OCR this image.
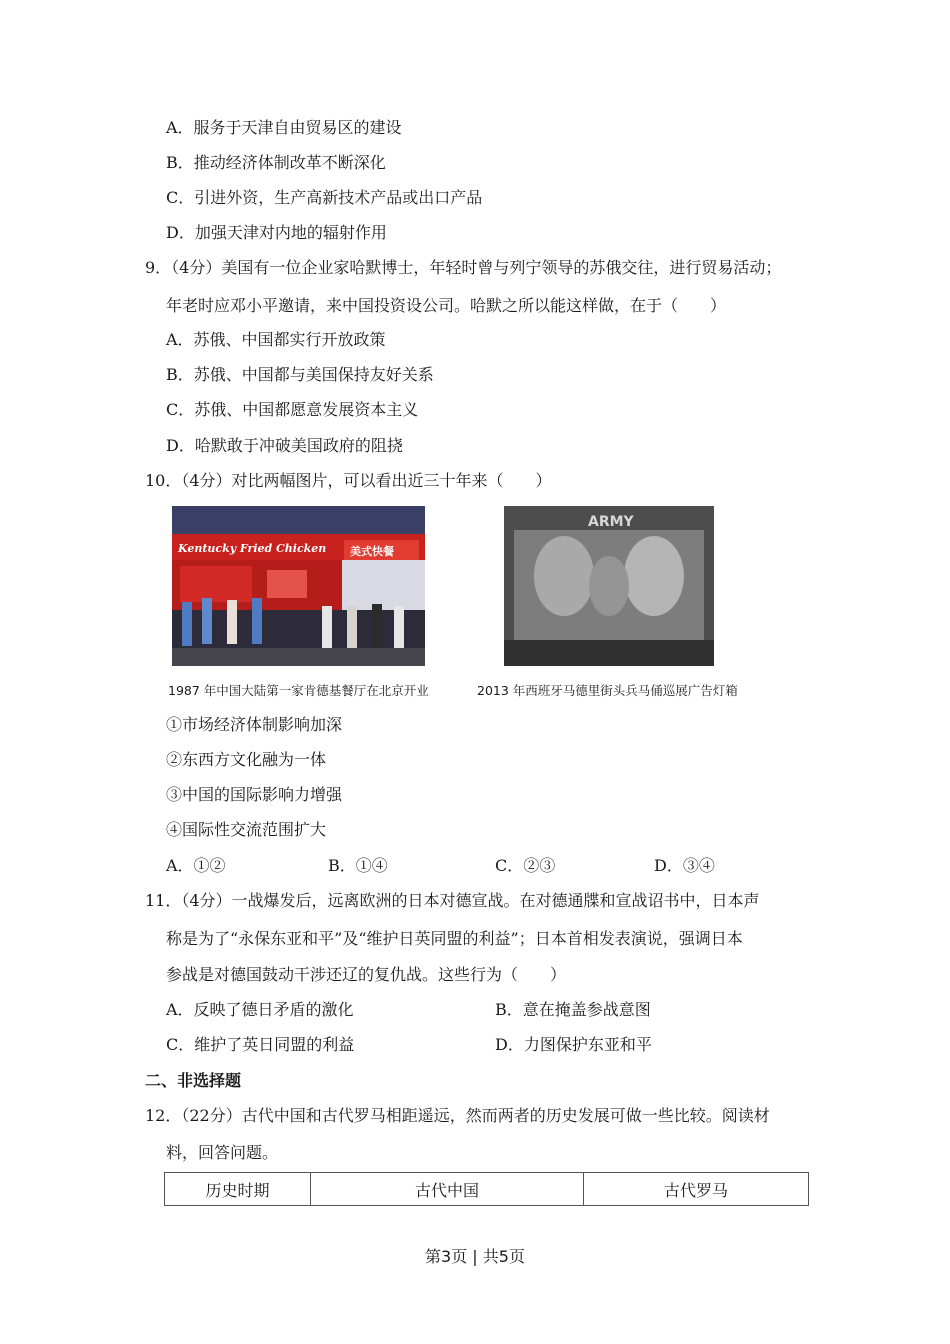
A．服务于天津自由贸易区的建设
B．推动经济体制改革不断深化
C．引进外资，生产高新技术产品或出口产品
D．加强天津对内地的辐射作用
9．（4分）美国有一位企业家哈默博士，年轻时曾与列宁领导的苏俄交往，进行贸易活动；
年老时应邓小平邀请，来中国投资设公司。哈默之所以能这样做，在于（　　）
A．苏俄、中国都实行开放政策
B．苏俄、中国都与美国保持友好关系
C．苏俄、中国都愿意发展资本主义
D．哈默敢于冲破美国政府的阻挠
10．（4分）对比两幅图片，可以看出近三十年来（　　）
Kentucky Fried Chicken 美式快餐
ARMY
1987 年中国大陆第一家肯德基餐厅在北京开业	2013 年西班牙马德里街头兵马俑巡展广告灯箱
①市场经济体制影响加深
②东西方文化融为一体
③中国的国际影响力增强
④国际性交流范围扩大
A．①②	B．①④	C．②③	D．③④
11．（4分）一战爆发后，远离欧洲的日本对德宣战。在对德通牒和宣战诏书中，日本声
称是为了“永保东亚和平”及“维护日英同盟的利益”；日本首相发表演说，强调日本
参战是对德国鼓动干涉还辽的复仇战。这些行为（　　）
A．反映了德日矛盾的激化	B．意在掩盖参战意图
C．维护了英日同盟的利益	D．力图保护东亚和平
二、非选择题
12．（22分）古代中国和古代罗马相距遥远，然而两者的历史发展可做一些比较。阅读材
料，回答问题。
历史时期	古代中国	古代罗马
第3页 | 共5页
